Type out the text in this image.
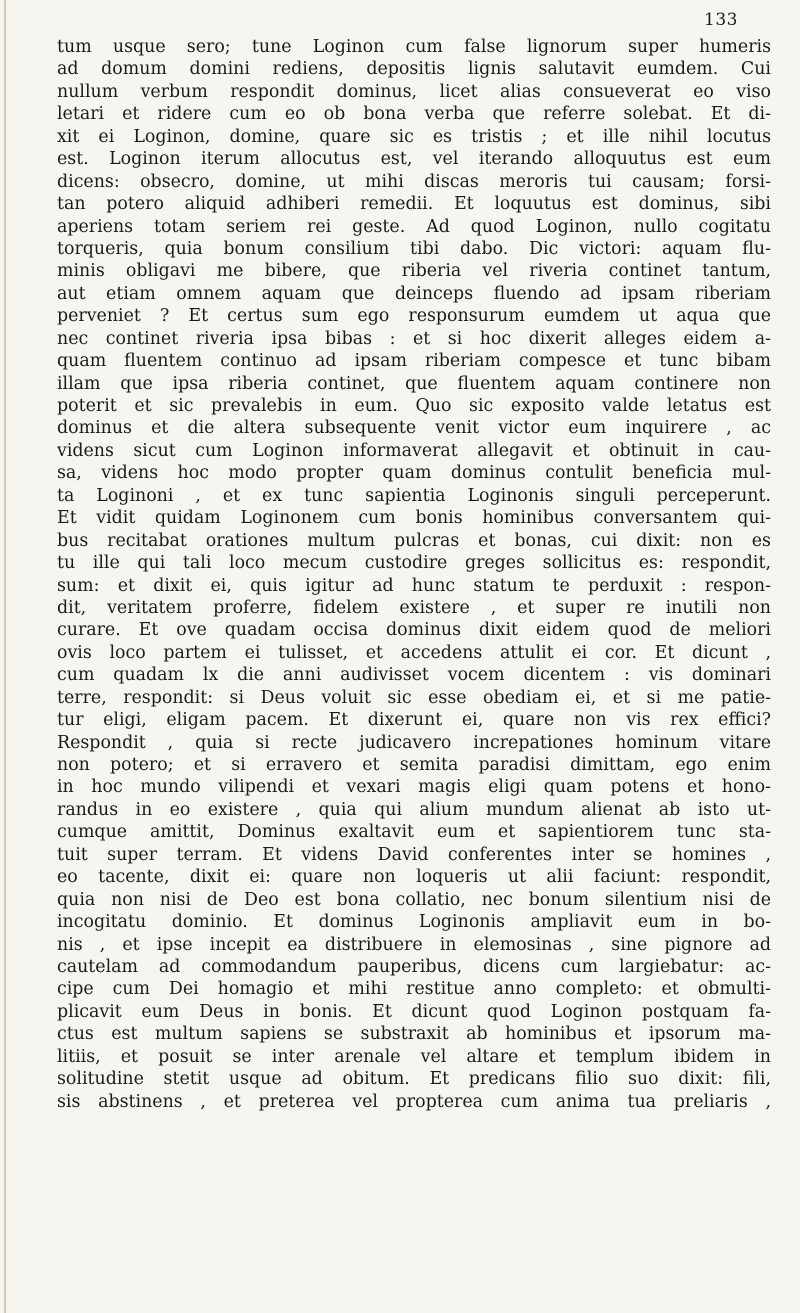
133
tum usque sero; tune Loginon cum false lignorum super humeris
ad domum domini rediens, depositis lignis salutavit eumdem. Cui
nullum verbum respondit dominus, licet alias consueverat eo viso
letari et ridere cum eo ob bona verba que referre solebat. Et di-
xit ei Loginon, domine, quare sic es tristis ; et ille nihil locutus
est. Loginon iterum allocutus est, vel iterando alloquutus est eum
dicens: obsecro, domine, ut mihi discas meroris tui causam; forsi-
tan potero aliquid adhiberi remedii. Et loquutus est dominus, sibi
aperiens totam seriem rei geste. Ad quod Loginon, nullo cogitatu
torqueris, quia bonum consilium tibi dabo. Dic victori: aquam flu-
minis obligavi me bibere, que riberia vel riveria continet tantum,
aut etiam omnem aquam que deinceps fluendo ad ipsam riberiam
perveniet ? Et certus sum ego responsurum eumdem ut aqua que
nec continet riveria ipsa bibas : et si hoc dixerit alleges eidem a-
quam fluentem continuo ad ipsam riberiam compesce et tunc bibam
illam que ipsa riberia continet, que fluentem aquam continere non
poterit et sic prevalebis in eum. Quo sic exposito valde letatus est
dominus et die altera subsequente venit victor eum inquirere , ac
videns sicut cum Loginon informaverat allegavit et obtinuit in cau-
sa, videns hoc modo propter quam dominus contulit beneficia mul-
ta Loginoni , et ex tunc sapientia Loginonis singuli perceperunt.
Et vidit quidam Loginonem cum bonis hominibus conversantem qui-
bus recitabat orationes multum pulcras et bonas, cui dixit: non es
tu ille qui tali loco mecum custodire greges sollicitus es: respondit,
sum: et dixit ei, quis igitur ad hunc statum te perduxit : respon-
dit, veritatem proferre, fidelem existere , et super re inutili non
curare. Et ove quadam occisa dominus dixit eidem quod de meliori
ovis loco partem ei tulisset, et accedens attulit ei cor. Et dicunt ,
cum quadam lx die anni audivisset vocem dicentem : vis dominari
terre, respondit: si Deus voluit sic esse obediam ei, et si me patie-
tur eligi, eligam pacem. Et dixerunt ei, quare non vis rex effici?
Respondit , quia si recte judicavero increpationes hominum vitare
non potero; et si erravero et semita paradisi dimittam, ego enim
in hoc mundo vilipendi et vexari magis eligi quam potens et hono-
randus in eo existere , quia qui alium mundum alienat ab isto ut-
cumque amittit, Dominus exaltavit eum et sapientiorem tunc sta-
tuit super terram. Et videns David conferentes inter se homines ,
eo tacente, dixit ei: quare non loqueris ut alii faciunt: respondit,
quia non nisi de Deo est bona collatio, nec bonum silentium nisi de
incogitatu dominio. Et dominus Loginonis ampliavit eum in bo-
nis , et ipse incepit ea distribuere in elemosinas , sine pignore ad
cautelam ad commodandum pauperibus, dicens cum largiebatur: ac-
cipe cum Dei homagio et mihi restitue anno completo: et obmulti-
plicavit eum Deus in bonis. Et dicunt quod Loginon postquam fa-
ctus est multum sapiens se substraxit ab hominibus et ipsorum ma-
litiis, et posuit se inter arenale vel altare et templum ibidem in
solitudine stetit usque ad obitum. Et predicans filio suo dixit: fili,
sis abstinens , et preterea vel propterea cum anima tua preliaris ,
